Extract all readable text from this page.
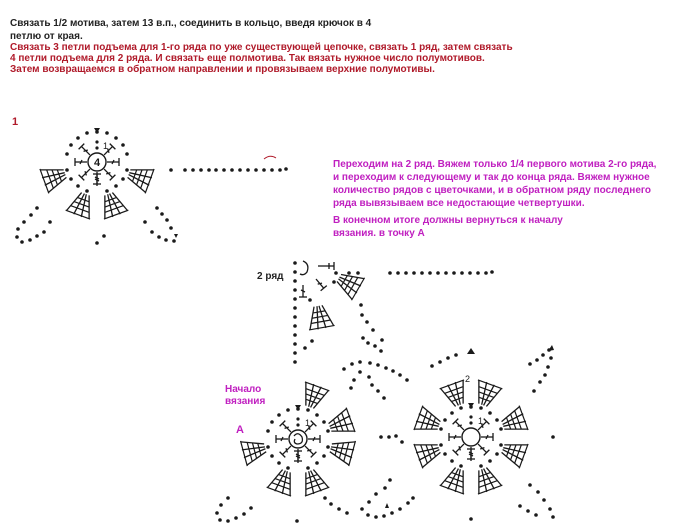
Связать 1/2 мотива, затем 13 в.п., соединить в кольцо, введя крючок в 4
петлю от края.
Связать 3 петли подъема для 1-го ряда по уже существующей цепочке, связать 1 ряд, затем связать
4 петли подъема для 2 ряда. И связать еще полмотива. Так вязать нужное число полумотивов.
Затем возвращаемся в обратном направлении и провязываем верхние полумотивы.
Переходим на 2 ряд. Вяжем только 1/4 первого мотива 2-го ряда,
и переходим к следующему и так до конца ряда. Вяжем нужное
количество рядов с цветочками, и в обратном ряду последнего
ряда вывязываем все недостающие четвертушки.
В конечном итоге должны вернуться к началу
вязания. в точку А
1
2 ряд
Начало
вязания
А
4
1
1	1
2
